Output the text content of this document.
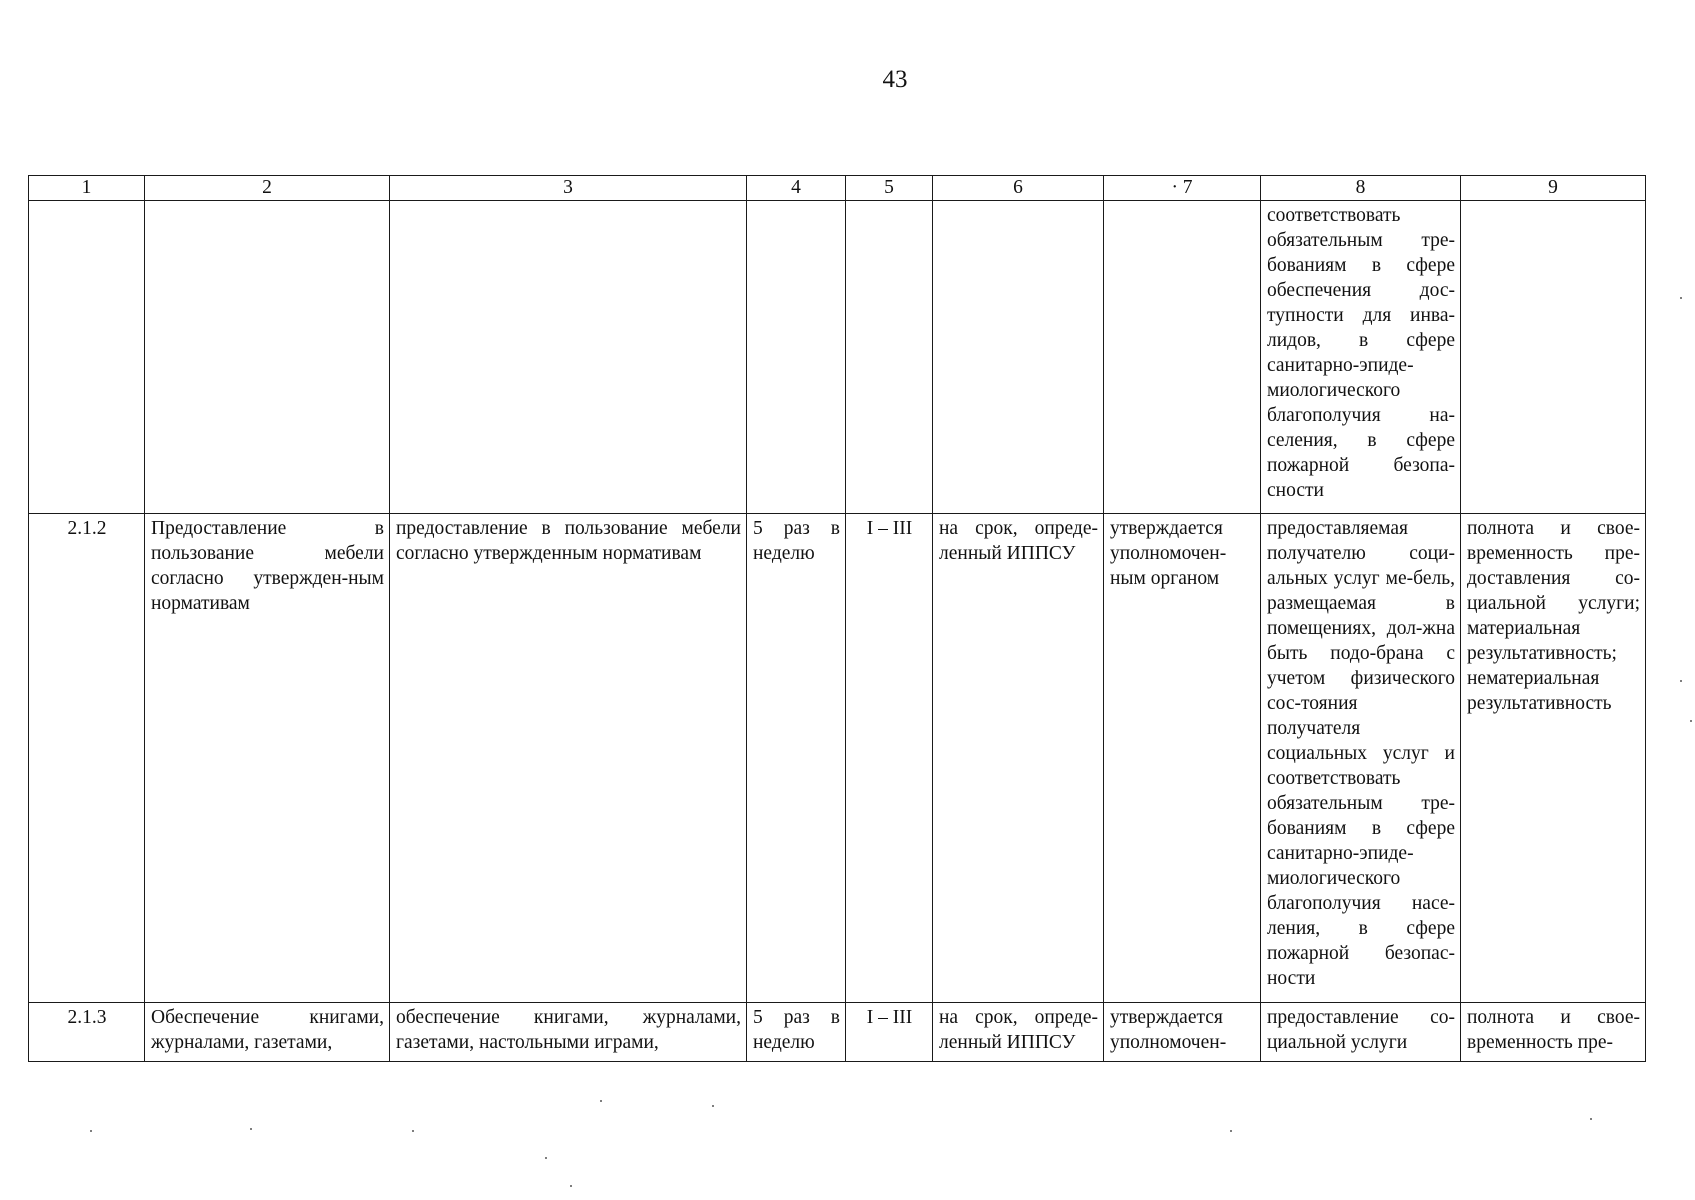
43
1	2	3	4	5	6	· 7	8	9
							соответствовать обязательным тре-бованиям в сфере обеспечения дос-тупности для инва-лидов, в сфере санитарно-эпиде-миологического благополучия на-селения, в сфере пожарной безопа-сности	
2.1.2	Предоставление в пользование мебели согласно утвержден-ным нормативам	предоставление в пользование мебели согласно утвержденным нормативам	5 раз в неделю	I – III	на срок, опреде-ленный ИППСУ	утверждается уполномочен-ным органом	предоставляемая получателю соци-альных услуг ме-бель, размещаемая в помещениях, дол-жна быть подо-брана с учетом физического сос-тояния получателя социальных услуг и соответствовать обязательным тре-бованиям в сфере санитарно-эпиде-миологического благополучия насе-ления, в сфере пожарной безопас-ности	полнота и свое-временность пре-доставления со-циальной услуги; материальная результативность; нематериальная результативность
2.1.3	Обеспечение книгами, журналами, газетами,	обеспечение книгами, журналами, газетами, настольными играми,	5 раз в неделю	I – III	на срок, опреде-ленный ИППСУ	утверждается уполномочен-	предоставление со-циальной услуги	полнота и свое-временность пре-
